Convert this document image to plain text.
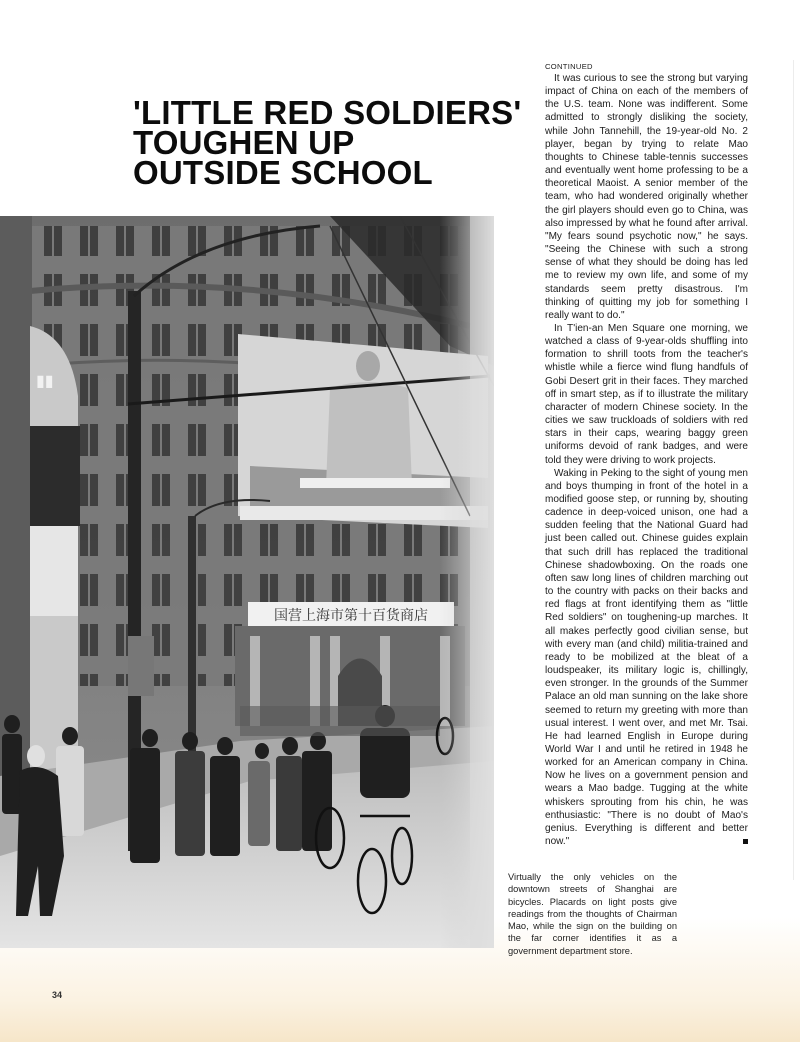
'LITTLE RED SOLDIERS'
TOUGHEN UP
OUTSIDE SCHOOL
CONTINUED

It was curious to see the strong but varying impact of China on each of the members of the U.S. team. None was indifferent. Some admitted to strongly disliking the society, while John Tannehill, the 19-year-old No. 2 player, began by trying to relate Mao thoughts to Chinese table-tennis successes and eventually went home professing to be a theoretical Maoist. A senior member of the team, who had wondered originally whether the girl players should even go to China, was also impressed by what he found after arrival. "My fears sound psychotic now," he says. "Seeing the Chinese with such a strong sense of what they should be doing has led me to review my own life, and some of my standards seem pretty disastrous. I'm thinking of quitting my job for something I really want to do."

In T'ien-an Men Square one morning, we watched a class of 9-year-olds shuffling into formation to shrill toots from the teacher's whistle while a fierce wind flung handfuls of Gobi Desert grit in their faces. They marched off in smart step, as if to illustrate the military character of modern Chinese society. In the cities we saw truckloads of soldiers with red stars in their caps, wearing baggy green uniforms devoid of rank badges, and were told they were driving to work projects.

Waking in Peking to the sight of young men and boys thumping in front of the hotel in a modified goose step, or running by, shouting cadence in deep-voiced unison, one had a sudden feeling that the National Guard had just been called out. Chinese guides explain that such drill has replaced the traditional Chinese shadowboxing. On the roads one often saw long lines of children marching out to the country with packs on their backs and red flags at front identifying them as "little Red soldiers" on toughening-up marches. It all makes perfectly good civilian sense, but with every man (and child) militia-trained and ready to be mobilized at the bleat of a loudspeaker, its military logic is, chillingly, even stronger. In the grounds of the Summer Palace an old man sunning on the lake shore seemed to return my greeting with more than usual interest. I went over, and met Mr. Tsai. He had learned English in Europe during World War I and until he retired in 1948 he worked for an American company in China. Now he lives on a government pension and wears a Mao badge. Tugging at the white whiskers sprouting from his chin, he was enthusiastic: "There is no doubt of Mao's genius. Everything is different and better now."

▮▮
国营上海市第十百货商店
Virtually the only vehicles on the downtown streets of Shanghai are bicycles. Placards on light posts give readings from the thoughts of Chairman Mao, while the sign on the building on the far corner identifies it as a government department store.
34
